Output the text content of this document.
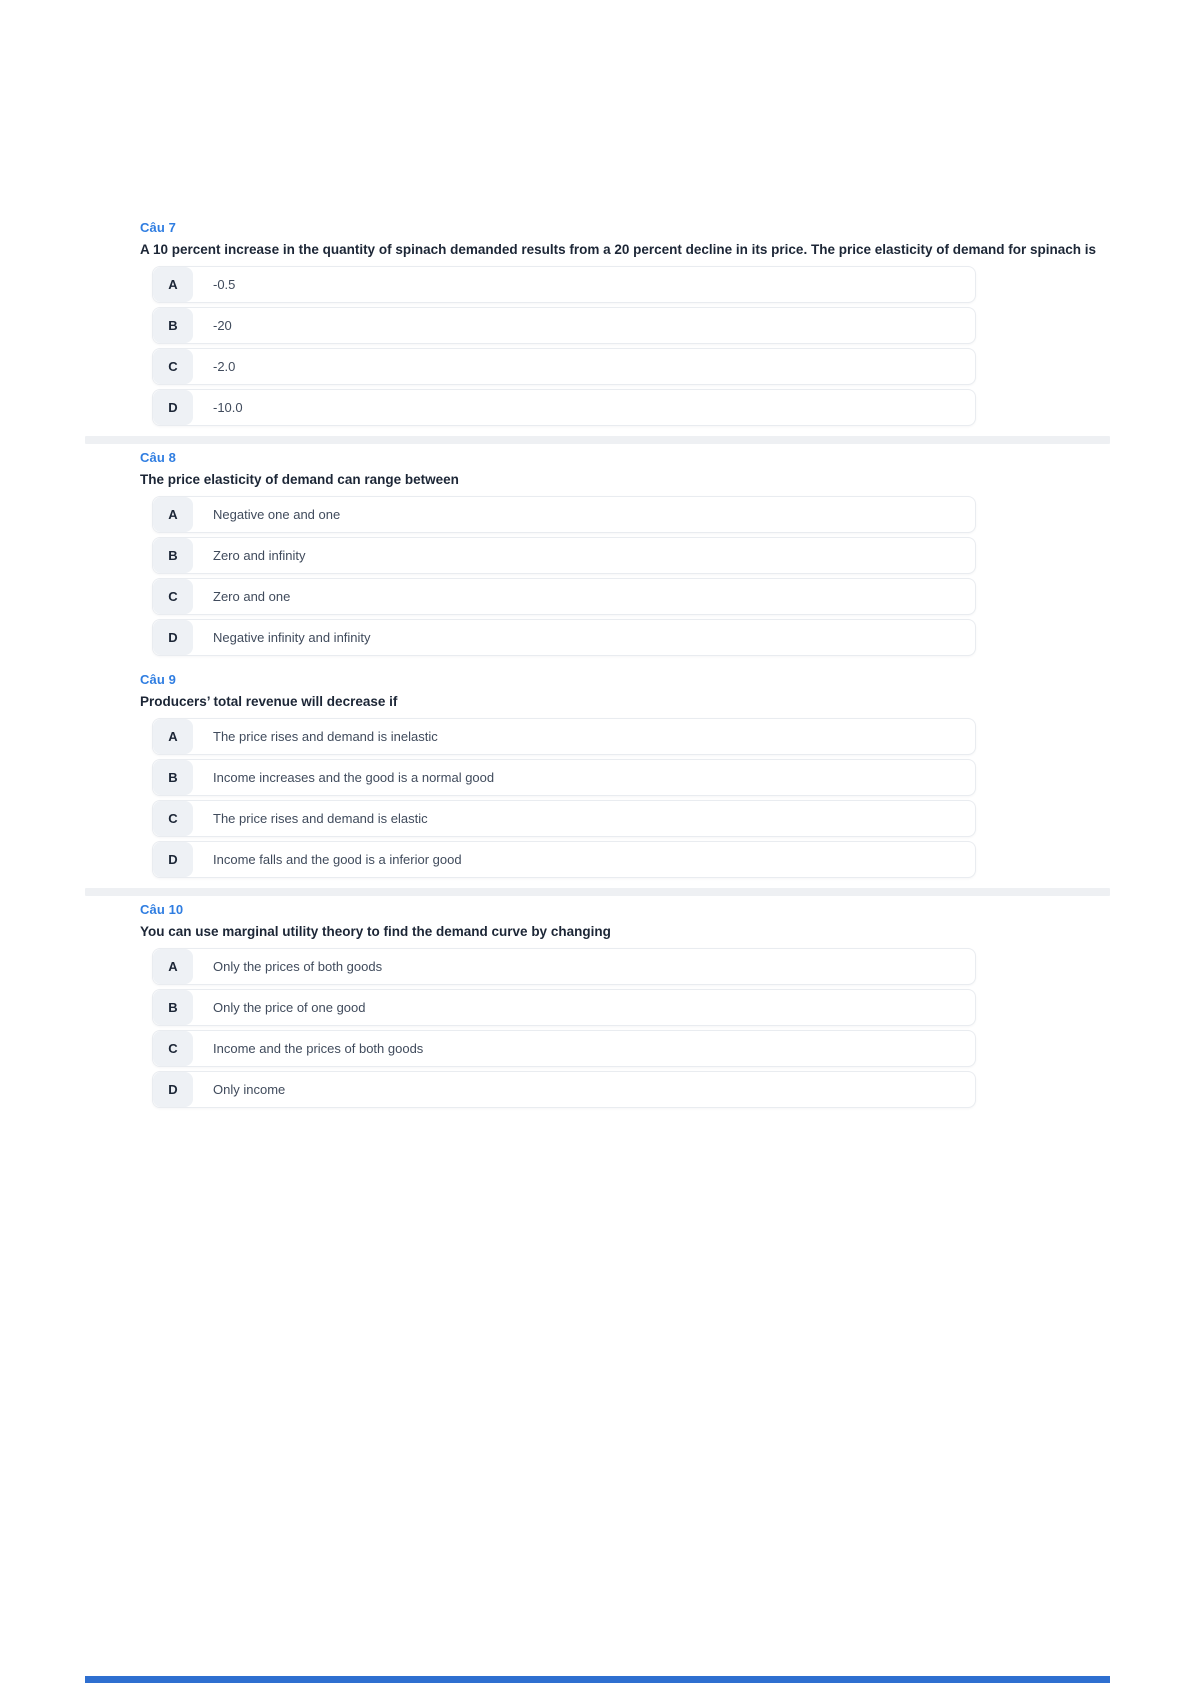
Câu 7
A 10 percent increase in the quantity of spinach demanded results from a 20 percent decline in its price. The price elasticity of demand for spinach is
A	-0.5
B	-20
C	-2.0
D	-10.0
Câu 8
The price elasticity of demand can range between
A	Negative one and one
B	Zero and infinity
C	Zero and one
D	Negative infinity and infinity
Câu 9
Producers’ total revenue will decrease if
A	The price rises and demand is inelastic
B	Income increases and the good is a normal good
C	The price rises and demand is elastic
D	Income falls and the good is a inferior good
Câu 10
You can use marginal utility theory to find the demand curve by changing
A	Only the prices of both goods
B	Only the price of one good
C	Income and the prices of both goods
D	Only income
